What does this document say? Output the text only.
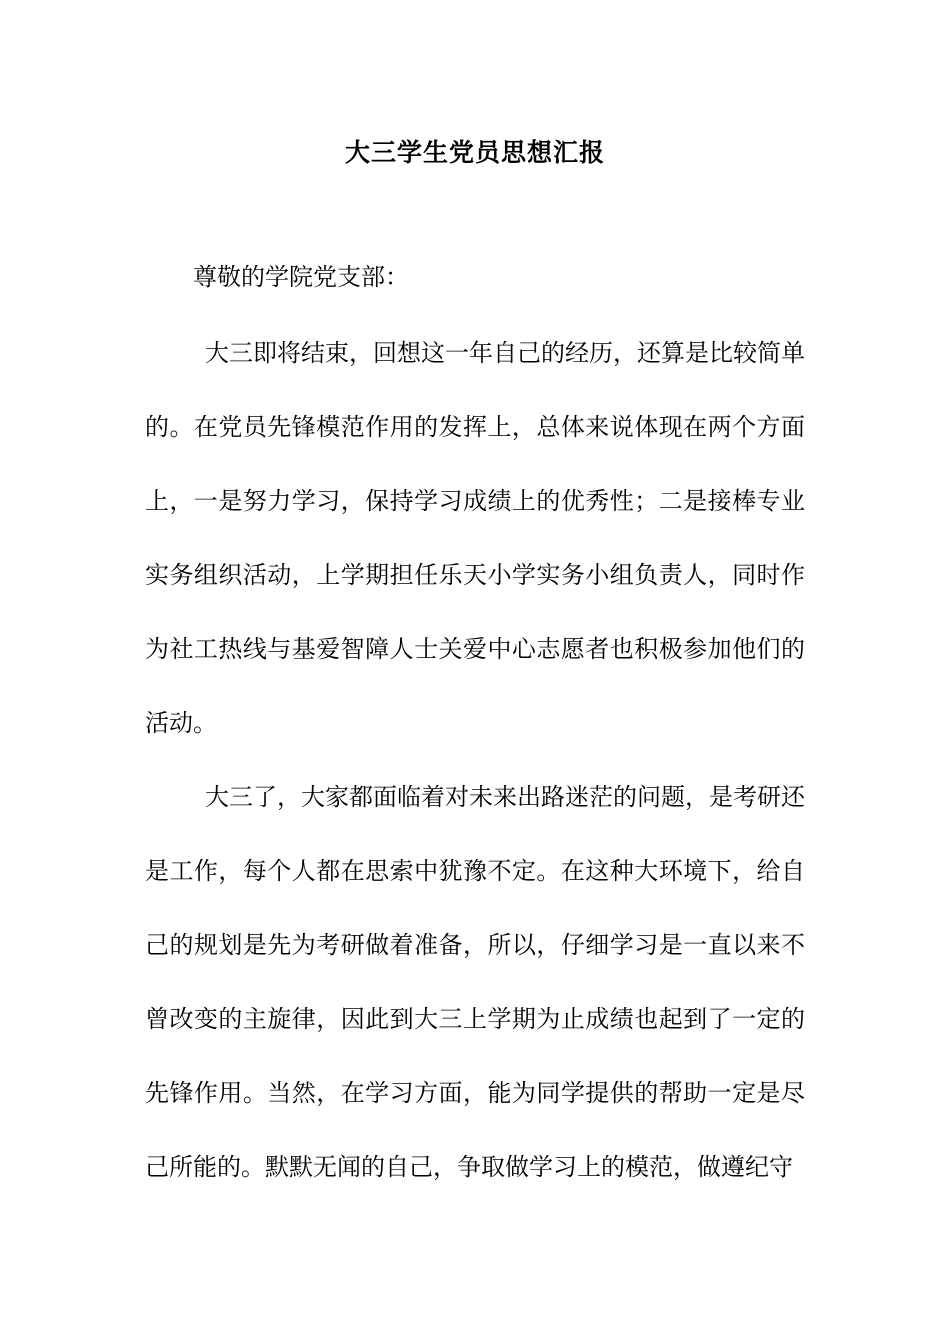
大三学生党员思想汇报
尊敬的学院党支部：

大三即将结束，回想这一年自己的经历，还算是比较简单的。在党员先锋模范作用的发挥上，总体来说体现在两个方面上，一是努力学习，保持学习成绩上的优秀性；二是接棒专业实务组织活动，上学期担任乐天小学实务小组负责人，同时作为社工热线与基爱智障人士关爱中心志愿者也积极参加他们的活动。

大三了，大家都面临着对未来出路迷茫的问题，是考研还是工作，每个人都在思索中犹豫不定。在这种大环境下，给自己的规划是先为考研做着准备，所以，仔细学习是一直以来不曾改变的主旋律，因此到大三上学期为止成绩也起到了一定的先锋作用。当然，在学习方面，能为同学提供的帮助一定是尽己所能的。默默无闻的自己，争取做学习上的模范，做遵纪守
